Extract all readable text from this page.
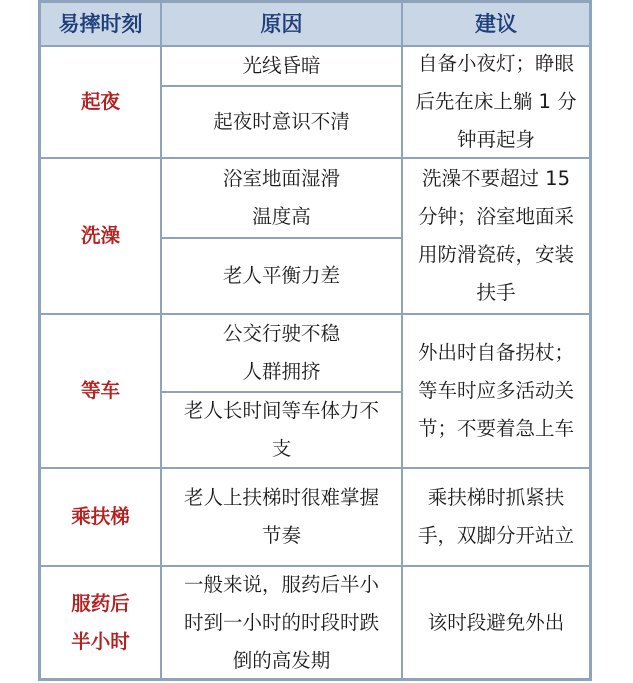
易摔时刻	原因	建议
起夜
光线昏暗
起夜时意识不清
自备小夜灯；睁眼
后先在床上躺 1 分
钟再起身
洗澡
浴室地面湿滑
温度高
老人平衡力差
洗澡不要超过 15
分钟；浴室地面采
用防滑瓷砖，安装
扶手
等车
公交行驶不稳
人群拥挤
老人长时间等车体力不
支
外出时自备拐杖；
等车时应多活动关
节；不要着急上车
乘扶梯
老人上扶梯时很难掌握
节奏
乘扶梯时抓紧扶
手，双脚分开站立
服药后
半小时
一般来说，服药后半小
时到一小时的时段时跌
倒的高发期
该时段避免外出
